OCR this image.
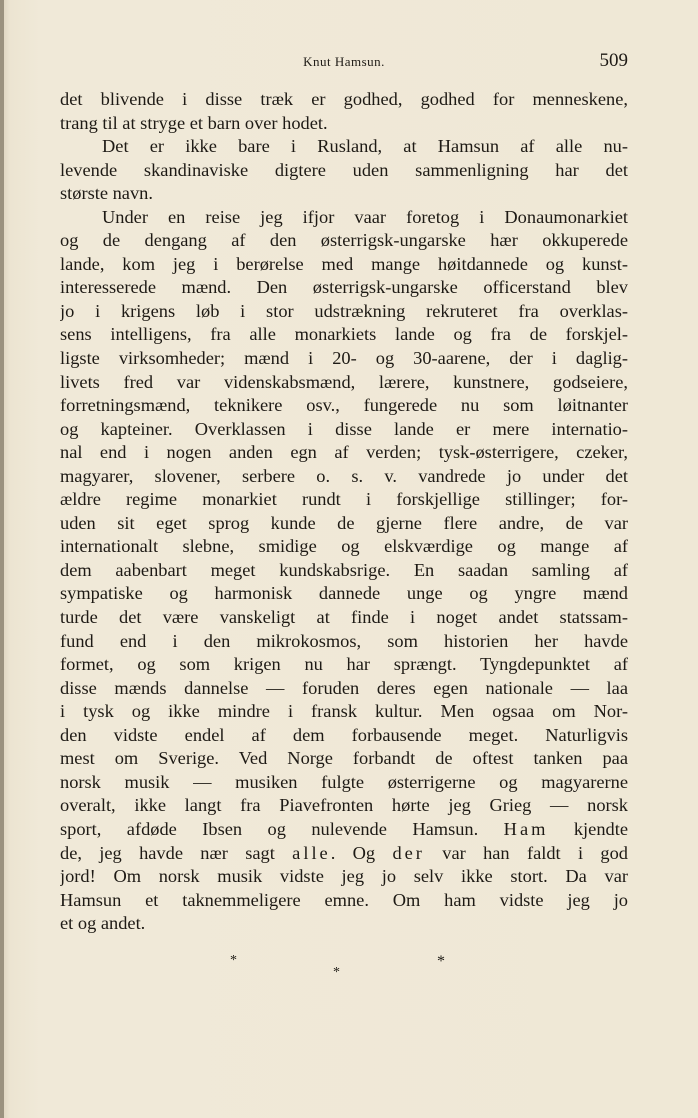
Knut Hamsun.	509
det blivende i disse træk er godhed, godhed for menneskene,
trang til at stryge et barn over hodet.
Det er ikke bare i Rusland, at Hamsun af alle nu-
levende skandinaviske digtere uden sammenligning har det
største navn.
Under en reise jeg ifjor vaar foretog i Donaumonarkiet
og de dengang af den østerrigsk-ungarske hær okkuperede
lande, kom jeg i berørelse med mange høitdannede og kunst-
interesserede mænd. Den østerrigsk-ungarske officerstand blev
jo i krigens løb i stor udstrækning rekruteret fra overklas-
sens intelligens, fra alle monarkiets lande og fra de forskjel-
ligste virksomheder; mænd i 20- og 30-aarene, der i daglig-
livets fred var videnskabsmænd, lærere, kunstnere, godseiere,
forretningsmænd, teknikere osv., fungerede nu som løitnanter
og kapteiner. Overklassen i disse lande er mere internatio-
nal end i nogen anden egn af verden; tysk-østerrigere, czeker,
magyarer, slovener, serbere o. s. v. vandrede jo under det
ældre regime monarkiet rundt i forskjellige stillinger; for-
uden sit eget sprog kunde de gjerne flere andre, de var
internationalt slebne, smidige og elskværdige og mange af
dem aabenbart meget kundskabsrige. En saadan samling af
sympatiske og harmonisk dannede unge og yngre mænd
turde det være vanskeligt at finde i noget andet statssam-
fund end i den mikrokosmos, som historien her havde
formet, og som krigen nu har sprængt. Tyngdepunktet af
disse mænds dannelse — foruden deres egen nationale — laa
i tysk og ikke mindre i fransk kultur. Men ogsaa om Nor-
den vidste endel af dem forbausende meget. Naturligvis
mest om Sverige. Ved Norge forbandt de oftest tanken paa
norsk musik — musiken fulgte østerrigerne og magyarerne
overalt, ikke langt fra Piavefronten hørte jeg Grieg — norsk
sport, afdøde Ibsen og nulevende Hamsun. Ham kjendte
de, jeg havde nær sagt alle. Og der var han faldt i god
jord! Om norsk musik vidste jeg jo selv ikke stort. Da var
Hamsun et taknemmeligere emne. Om ham vidste jeg jo
et og andet.
*
*
*
